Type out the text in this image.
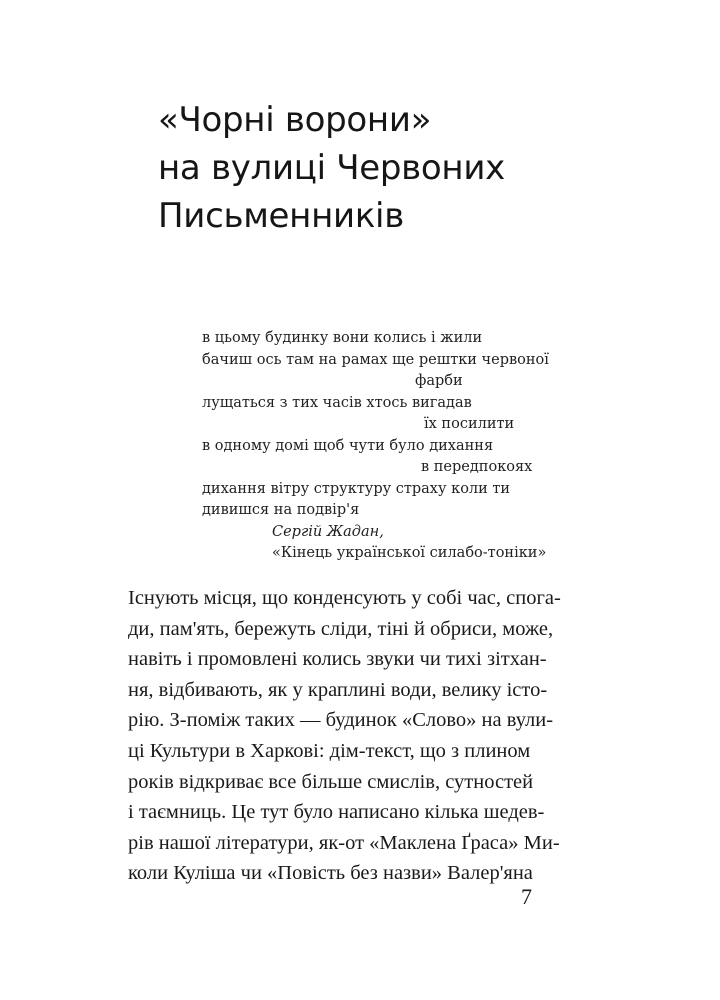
«Чорні ворони»
на вулиці Червоних
Письменників
в цьому будинку вони колись і жили
бачиш ось там на рамах ще рештки червоної
фарби
лущаться з тих часів хтось вигадав
їх посилити
в одному домі щоб чути було дихання
в передпокоях
дихання вітру структуру страху коли ти
дивишся на подвір'я
Сергій Жадан,
«Кінець української силабо-тоніки»
Існують місця, що конденсують у собі час, спога-
ди, пам'ять, бережуть сліди, тіні й обриси, може,
навіть і промовлені колись звуки чи тихі зітхан-
ня, відбивають, як у краплині води, велику істо-
рію. З-поміж таких — будинок «Слово» на вули-
ці Культури в Харкові: дім-текст, що з плином
років відкриває все більше смислів, сутностей
і таємниць. Це тут було написано кілька шедев-
рів нашої літератури, як-от «Маклена Ґраса» Ми-
коли Куліша чи «Повість без назви» Валер'яна
7
